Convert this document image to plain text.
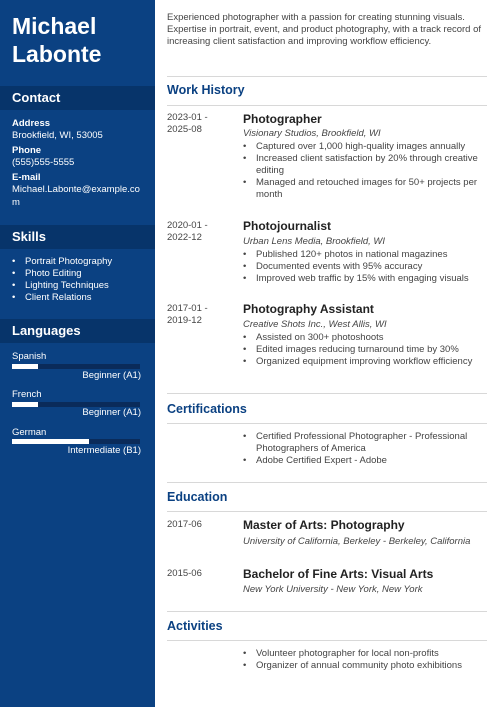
Michael
Labonte
Contact
Address
Brookfield, WI, 53005
Phone
(555)555-5555
E-mail
Michael.Labonte@example.com
Skills
• Portrait Photography
• Photo Editing
• Lighting Techniques
• Client Relations
Languages
Spanish
Beginner (A1)
French
Beginner (A1)
German
Intermediate (B1)
Experienced photographer with a passion for creating stunning visuals. Expertise in portrait, event, and product photography, with a track record of increasing client satisfaction and improving workflow efficiency.
Work History
2023-01 - 2025-08
Photographer
Visionary Studios, Brookfield, WI
• Captured over 1,000 high-quality images annually
• Increased client satisfaction by 20% through creative editing
• Managed and retouched images for 50+ projects per month
2020-01 - 2022-12
Photojournalist
Urban Lens Media, Brookfield, WI
• Published 120+ photos in national magazines
• Documented events with 95% accuracy
• Improved web traffic by 15% with engaging visuals
2017-01 - 2019-12
Photography Assistant
Creative Shots Inc., West Allis, WI
• Assisted on 300+ photoshoots
• Edited images reducing turnaround time by 30%
• Organized equipment improving workflow efficiency
Certifications
• Certified Professional Photographer - Professional Photographers of America
• Adobe Certified Expert - Adobe
Education
2017-06	Master of Arts: Photography
University of California, Berkeley - Berkeley, California
2015-06	Bachelor of Fine Arts: Visual Arts
New York University - New York, New York
Activities
• Volunteer photographer for local non-profits
• Organizer of annual community photo exhibitions
